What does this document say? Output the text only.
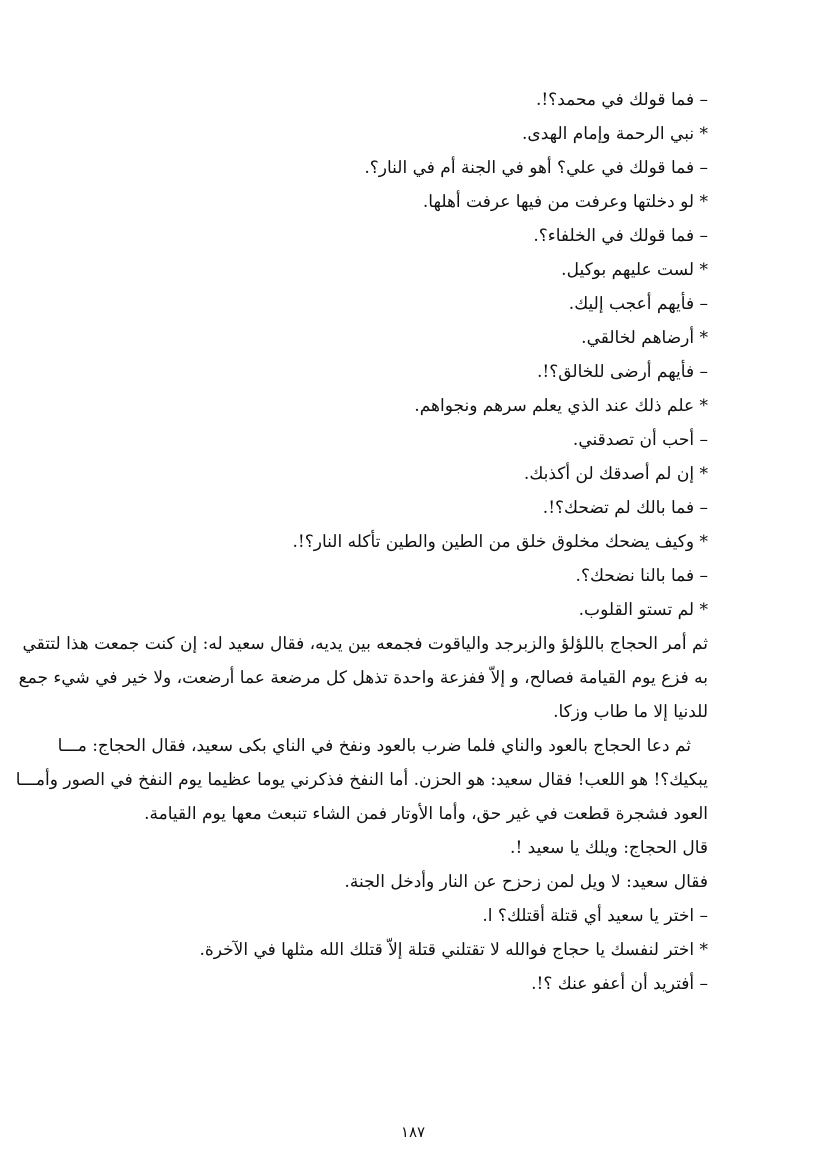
– فما قولك في محمد؟!.
* نبي الرحمة وإمام الهدى.
– فما قولك في علي؟ أهو في الجنة أم في النار؟.
* لو دخلتها وعرفت من فيها عرفت أهلها.
– فما قولك في الخلفاء؟.
* لست عليهم بوكيل.
– فأيهم أعجب إليك.
* أرضاهم لخالقي.
– فأيهم أرضى للخالق؟!.
* علم ذلك عند الذي يعلم سرهم ونجواهم.
– أحب أن تصدقني.
* إن لم أصدقك لن أكذبك.
– فما بالك لم تضحك؟!.
* وكيف يضحك مخلوق خلق من الطين والطين تأكله النار؟!.
– فما بالنا نضحك؟.
* لم تستو القلوب.
ثم أمر الحجاج باللؤلؤ والزبرجد والياقوت فجمعه بين يديه، فقال سعيد له: إن كنت جمعت هذا لتتقي
به فزع يوم القيامة فصالح، و إلاّ ففزعة واحدة تذهل كل مرضعة عما أرضعت، ولا خير في شيء جمع
للدنيا إلا ما طاب وزكا.
ثم دعا الحجاج بالعود والناي فلما ضرب بالعود ونفخ في الناي بكى سعيد، فقال الحجاج: مـــا
يبكيك؟! هو اللعب! فقال سعيد: هو الحزن. أما النفخ فذكرني يوما عظيما يوم النفخ في الصور وأمـــا
العود فشجرة قطعت في غير حق، وأما الأوتار فمن الشاء تنبعث معها يوم القيامة.
قال الحجاج: ويلك يا سعيد !.
فقال سعيد: لا ويل لمن زحزح عن النار وأدخل الجنة.
– اختر يا سعيد أي قتلة أقتلك؟ ا.
* اختر لنفسك يا حجاج فوالله لا تقتلني قتلة إلاّ قتلك الله مثلها في الآخرة.
– أفتريد أن أعفو عنك ؟!.
١٨٧
